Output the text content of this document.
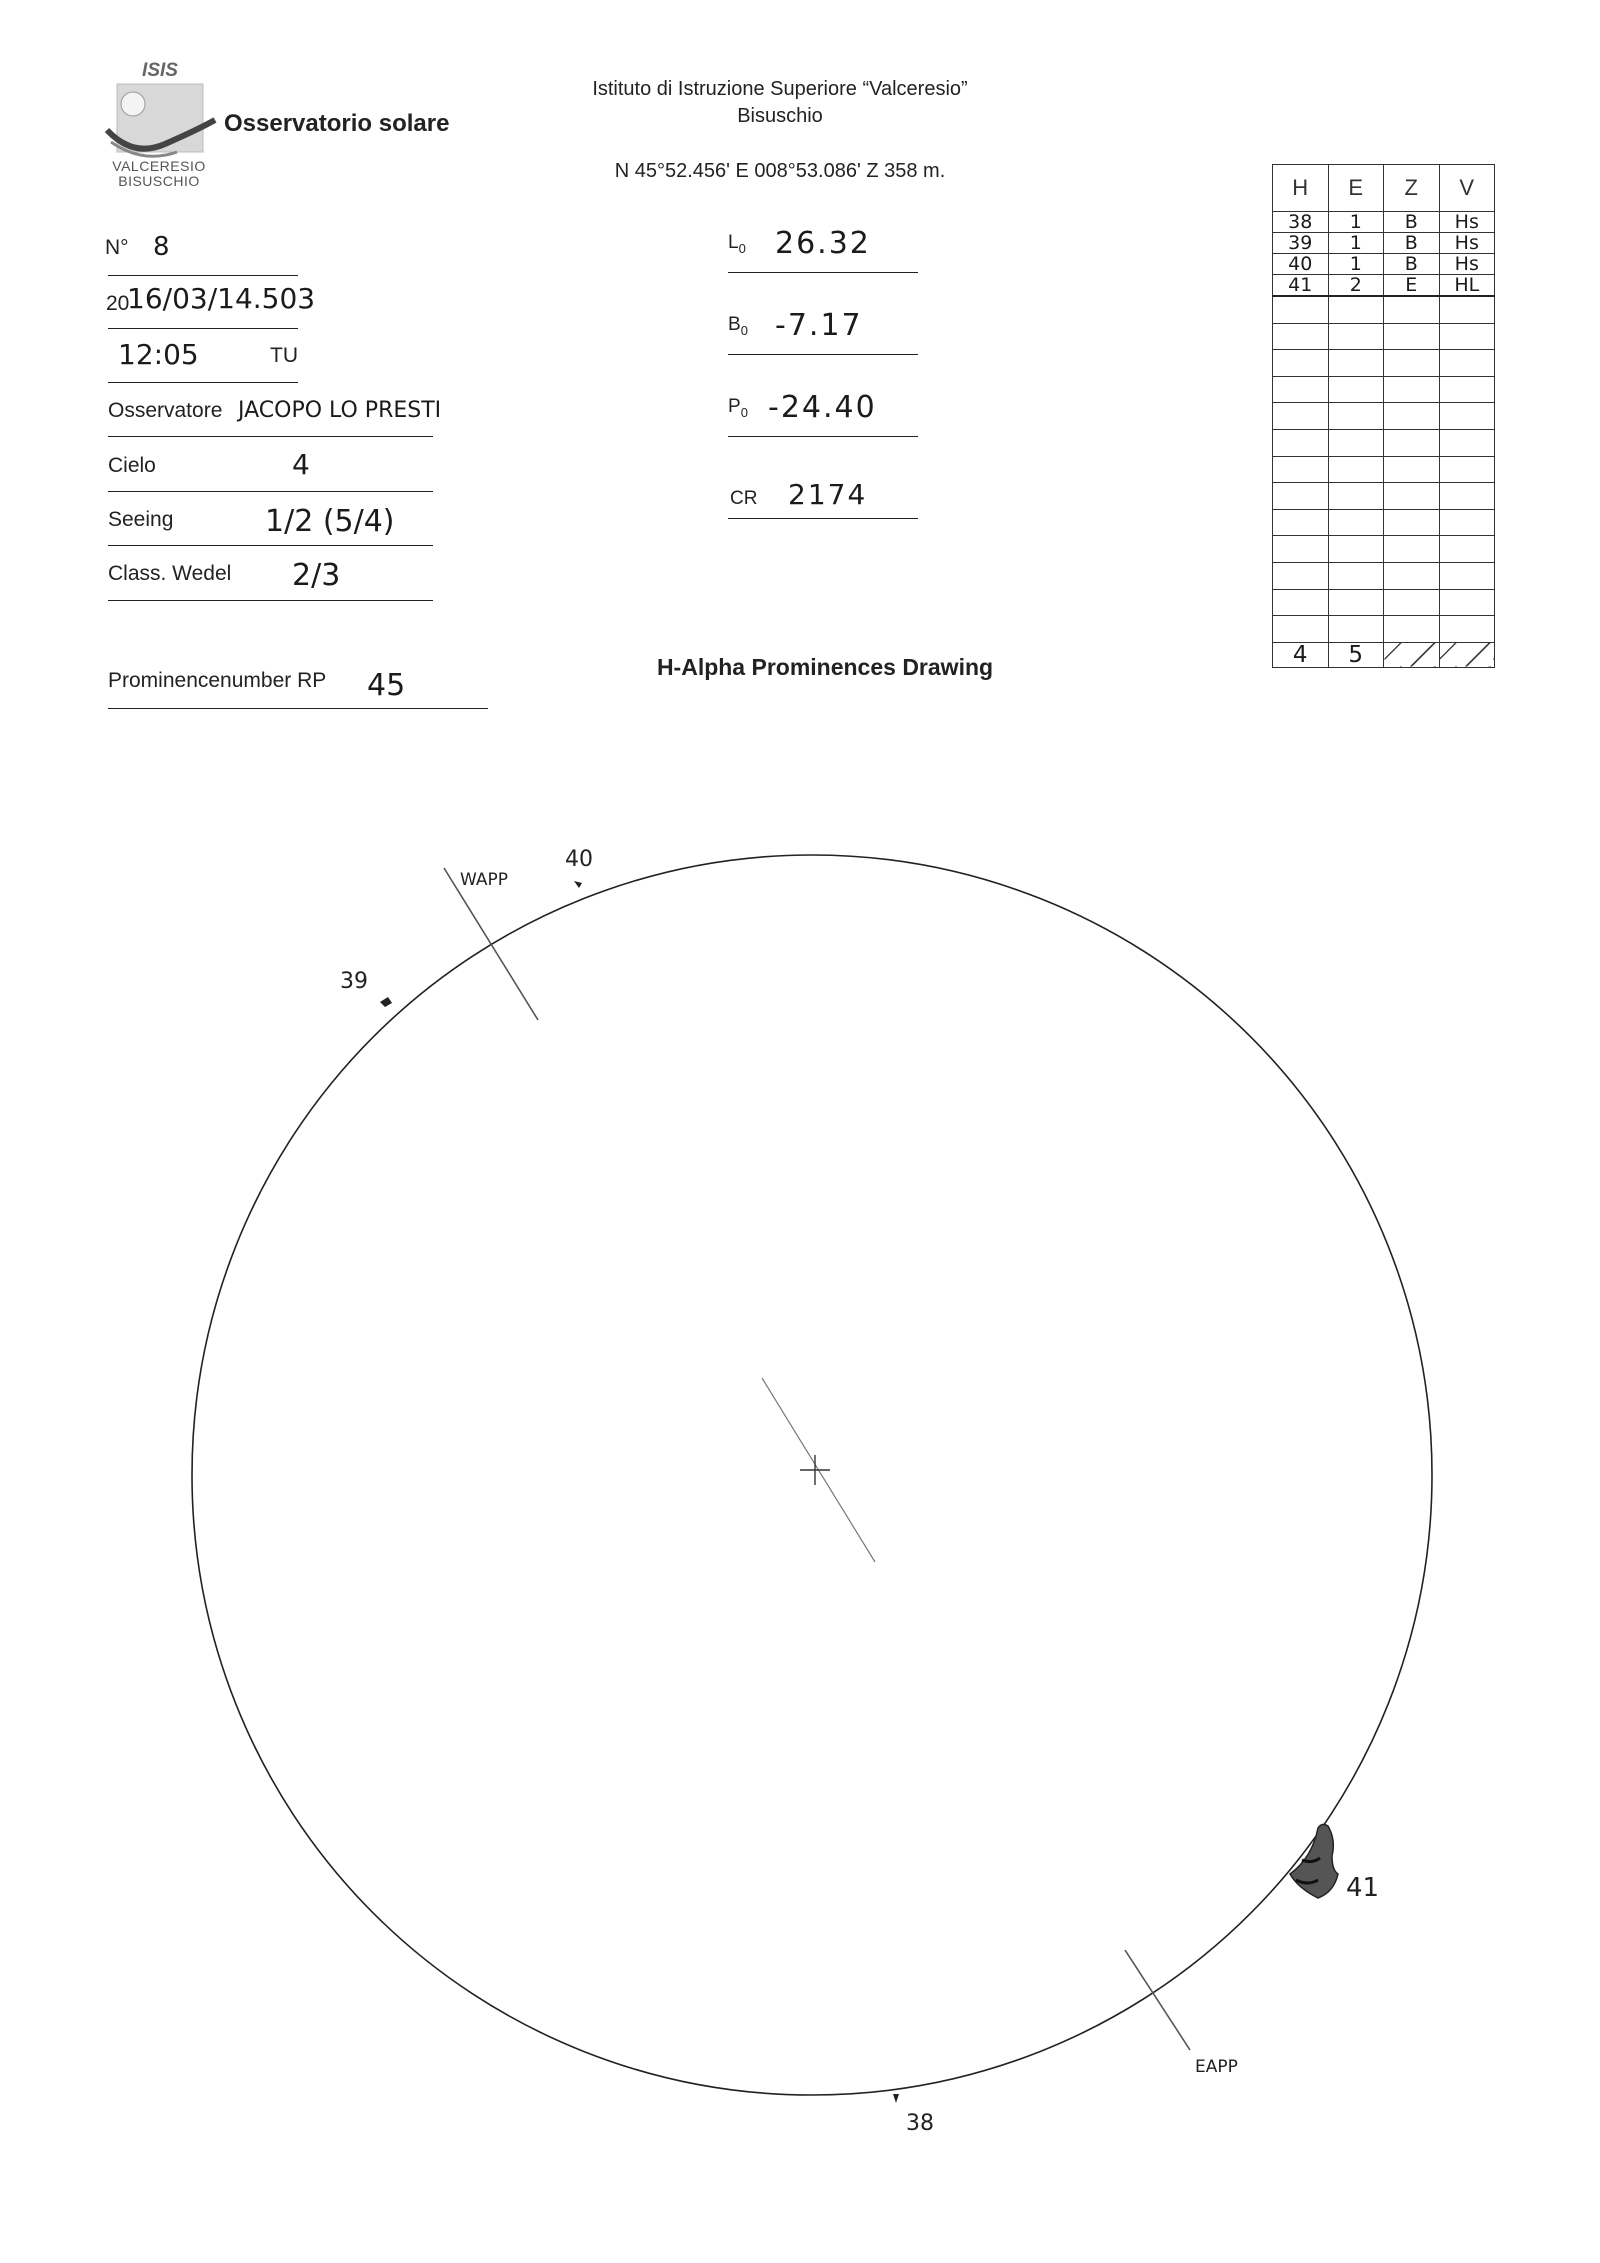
ISIS
Osservatorio solare
VALCERESIO
BISUSCHIO
Istituto di Istruzione Superiore “Valceresio”
Bisuschio
N 45°52.456' E 008°53.086' Z 358 m.
N° 8
20
16/03/14.503
12:05	TU
Osservatore JACOPO LO PRESTI
Cielo	4
Seeing	1/2 (5/4)
Class. Wedel 2/3
Prominencenumber RP 45
$L_0$ 26.32
$B_0$ -7.17
$P_0$ -24.40
CR 2174
H-Alpha Prominences Drawing
H	E	Z	V
38	1	B	Hs
39	1	B	Hs
40	1	B	Hs
41	2	E	HL

4	5		
WAPP
EAPP
40
39
41
38
